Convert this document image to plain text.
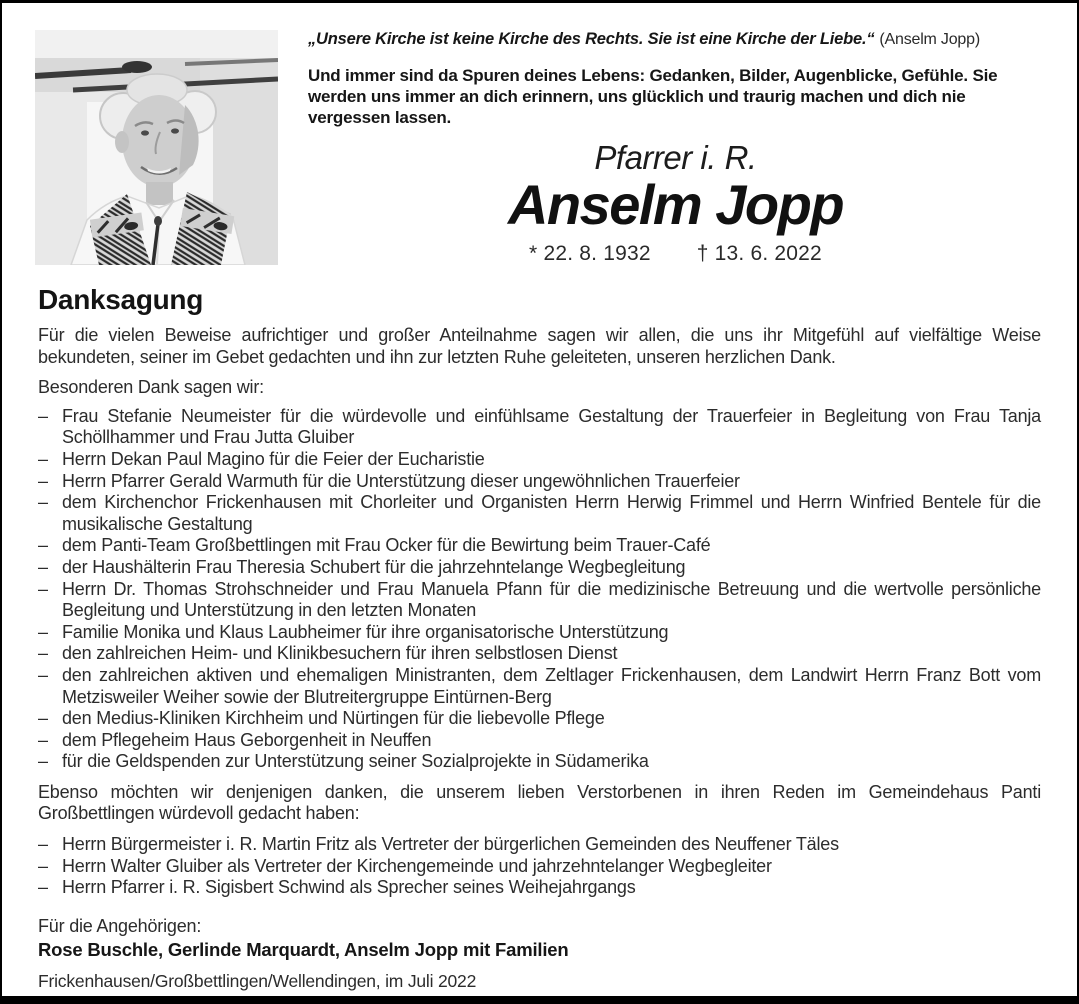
„Unsere Kirche ist keine Kirche des Rechts. Sie ist eine Kirche der Liebe.“ (Anselm Jopp)
Und immer sind da Spuren deines Lebens: Gedanken, Bilder, Augenblicke, Gefühle. Sie werden uns immer an dich erinnern, uns glücklich und traurig machen und dich nie vergessen lassen.
Pfarrer i. R.
Anselm Jopp
* 22. 8. 1932 † 13. 6. 2022
Danksagung

Für die vielen Beweise aufrichtiger und großer Anteilnahme sagen wir allen, die uns ihr Mitgefühl auf vielfältige Weise bekundeten, seiner im Gebet gedachten und ihn zur letzten Ruhe geleiteten, unseren herzlichen Dank.

Besonderen Dank sagen wir:

– Frau Stefanie Neumeister für die würdevolle und einfühlsame Gestaltung der Trauerfeier in Begleitung von Frau Tanja Schöllhammer und Frau Jutta Gluiber
– Herrn Dekan Paul Magino für die Feier der Eucharistie
– Herrn Pfarrer Gerald Warmuth für die Unterstützung dieser ungewöhnlichen Trauerfeier
– dem Kirchenchor Frickenhausen mit Chorleiter und Organisten Herrn Herwig Frimmel und Herrn Winfried Bentele für die musikalische Gestaltung
– dem Panti-Team Großbettlingen mit Frau Ocker für die Bewirtung beim Trauer-Café
– der Haushälterin Frau Theresia Schubert für die jahrzehntelange Wegbegleitung
– Herrn Dr. Thomas Strohschneider und Frau Manuela Pfann für die medizinische Betreuung und die wertvolle persönliche Begleitung und Unterstützung in den letzten Monaten
– Familie Monika und Klaus Laubheimer für ihre organisatorische Unterstützung
– den zahlreichen Heim- und Klinikbesuchern für ihren selbstlosen Dienst
– den zahlreichen aktiven und ehemaligen Ministranten, dem Zeltlager Frickenhausen, dem Landwirt Herrn Franz Bott vom Metzisweiler Weiher sowie der Blutreitergruppe Eintürnen-Berg
– den Medius-Kliniken Kirchheim und Nürtingen für die liebevolle Pflege
– dem Pflegeheim Haus Geborgenheit in Neuffen
– für die Geldspenden zur Unterstützung seiner Sozialprojekte in Südamerika

Ebenso möchten wir denjenigen danken, die unserem lieben Verstorbenen in ihren Reden im Gemeindehaus Panti Großbettlingen würdevoll gedacht haben:

– Herrn Bürgermeister i. R. Martin Fritz als Vertreter der bürgerlichen Gemeinden des Neuffener Täles
– Herrn Walter Gluiber als Vertreter der Kirchengemeinde und jahrzehntelanger Wegbegleiter
– Herrn Pfarrer i. R. Sigisbert Schwind als Sprecher seines Weihejahrgangs
Für die Angehörigen:
Rose Buschle, Gerlinde Marquardt, Anselm Jopp mit Familien
Frickenhausen/Großbettlingen/Wellendingen, im Juli 2022
